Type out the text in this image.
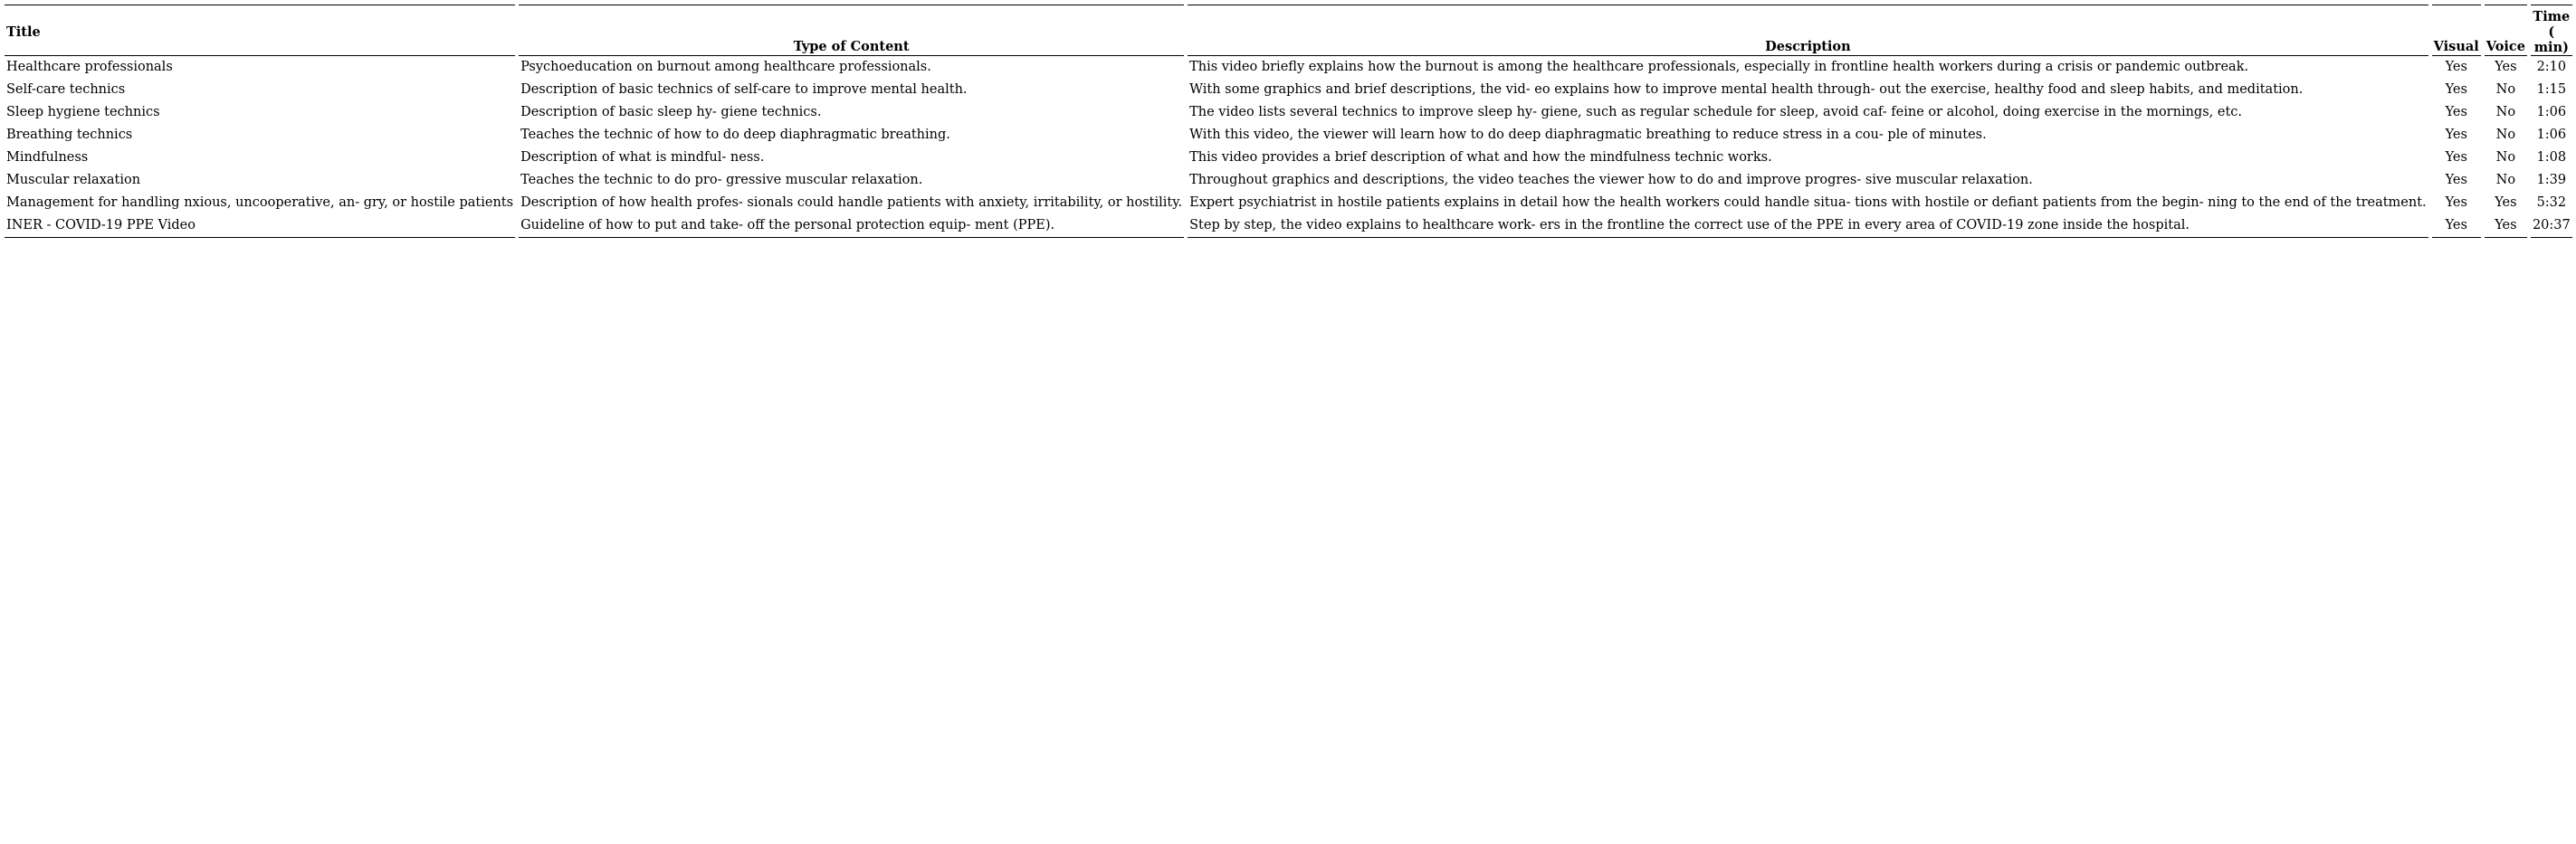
Title	Type of Content	Description	Visual	Voice	Time ( min)
Healthcare professionals	Psychoeducation on burnout among healthcare professionals.	This video briefly explains how the burnout is among the healthcare professionals, especially in frontline health workers during a crisis or pandemic outbreak.	Yes	Yes	2:10
Self-care technics	Description of basic technics of self-care to improve mental health.	With some graphics and brief descriptions, the vid- eo explains how to improve mental health through- out the exercise, healthy food and sleep habits, and meditation.	Yes	No	1:15
Sleep hygiene technics	Description of basic sleep hy- giene technics.	The video lists several technics to improve sleep hy- giene, such as regular schedule for sleep, avoid caf- feine or alcohol, doing exercise in the mornings, etc.	Yes	No	1:06
Breathing technics	Teaches the technic of how to do deep diaphragmatic breathing.	With this video, the viewer will learn how to do deep diaphragmatic breathing to reduce stress in a cou- ple of minutes.	Yes	No	1:06
Mindfulness	Description of what is mindful- ness.	This video provides a brief description of what and how the mindfulness technic works.	Yes	No	1:08
Muscular relaxation	Teaches the technic to do pro- gressive muscular relaxation.	Throughout graphics and descriptions, the video teaches the viewer how to do and improve progres- sive muscular relaxation.	Yes	No	1:39
Management for handling nxious, uncooperative, an- gry, or hostile patients	Description of how health profes- sionals could handle patients with anxiety, irritability, or hostility.	Expert psychiatrist in hostile patients explains in detail how the health workers could handle situa- tions with hostile or defiant patients from the begin- ning to the end of the treatment.	Yes	Yes	5:32
INER - COVID-19 PPE Video	Guideline of how to put and take- off the personal protection equip- ment (PPE).	Step by step, the video explains to healthcare work- ers in the frontline the correct use of the PPE in every area of COVID-19 zone inside the hospital.	Yes	Yes	20:37
